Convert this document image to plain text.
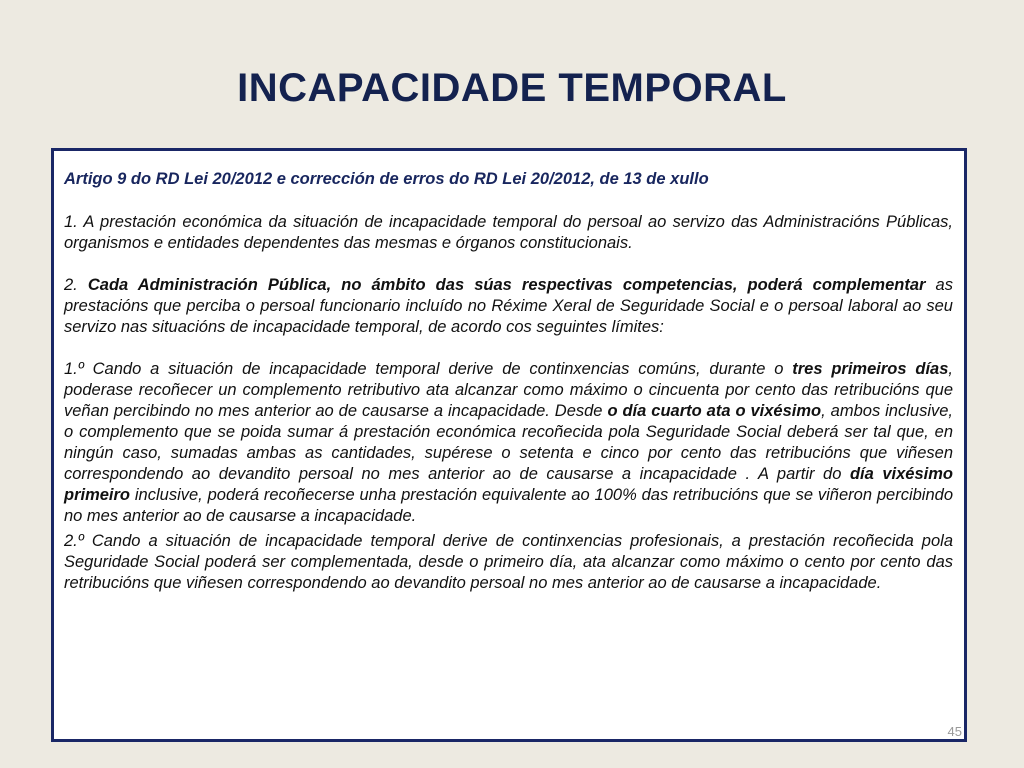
INCAPACIDADE TEMPORAL

Artigo 9 do RD Lei 20/2012 e corrección de erros do RD Lei 20/2012, de 13 de xullo

1. A prestación económica da situación de incapacidade temporal do persoal ao servizo das Administracións Públicas, organismos e entidades dependentes das mesmas e órganos constitucionais.

2. Cada Administración Pública, no ámbito das súas respectivas competencias, poderá complementar as prestacións que perciba o persoal funcionario incluído no Réxime Xeral de Seguridade Social e o persoal laboral ao seu servizo nas situacións de incapacidade temporal, de acordo cos seguintes límites:

1.º Cando a situación de incapacidade temporal derive de continxencias comúns, durante o tres primeiros días, poderase recoñecer un complemento retributivo ata alcanzar como máximo o cincuenta por cento das retribucións que veñan percibindo no mes anterior ao de causarse a incapacidade. Desde o día cuarto ata o vixésimo, ambos inclusive, o complemento que se poida sumar á prestación económica recoñecida pola Seguridade Social deberá ser tal que, en ningún caso, sumadas ambas as cantidades, supérese o setenta e cinco por cento das retribucións que viñesen correspondendo ao devandito persoal no mes anterior ao de causarse a incapacidade . A partir do día vixésimo primeiro inclusive, poderá recoñecerse unha prestación equivalente ao 100% das retribucións que se viñeron percibindo no mes anterior ao de causarse a incapacidade.

2.º Cando a situación de incapacidade temporal derive de continxencias profesionais, a prestación recoñecida pola Seguridade Social poderá ser complementada, desde o primeiro día, ata alcanzar como máximo o cento por cento das retribucións que viñesen correspondendo ao devandito persoal no mes anterior ao de causarse a incapacidade.

45
